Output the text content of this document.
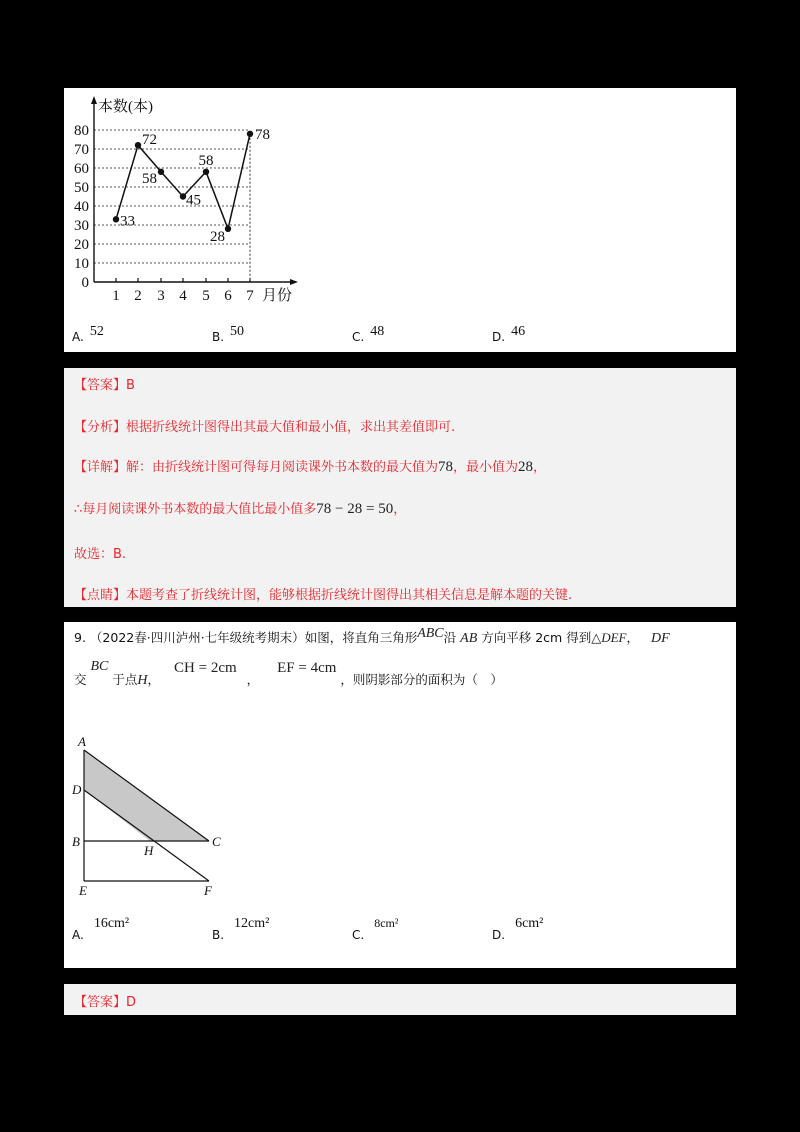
本数(本)
月份
0
10
20
30
40
50
60
70
80
1 2 3 4 5 6 7
33
72
58
45
58
28
78
A. 52	B. 50	C. 48	D. 46
【答案】B
【分析】根据折线统计图得出其最大值和最小值，求出其差值即可.
【详解】解：由折线统计图可得每月阅读课外书本数的最大值为78，最小值为28，
∴每月阅读课外书本数的最大值比最小值多78 − 28 = 50，
故选：B.
【点睛】本题考查了折线统计图，能够根据折线统计图得出其相关信息是解本题的关键.
9. （2022春·四川泸州·七年级统考期末）如图，将直角三角形ABC沿 AB 方向平移 2cm 得到△DEF， DF
交 BC 于点H， CH = 2cm ， EF = 4cm ，则阴影部分的面积为（　）
A
D
B
H
C
E	F
A.16cm²
B.12cm²
C.8cm²
D.6cm²
【答案】D
